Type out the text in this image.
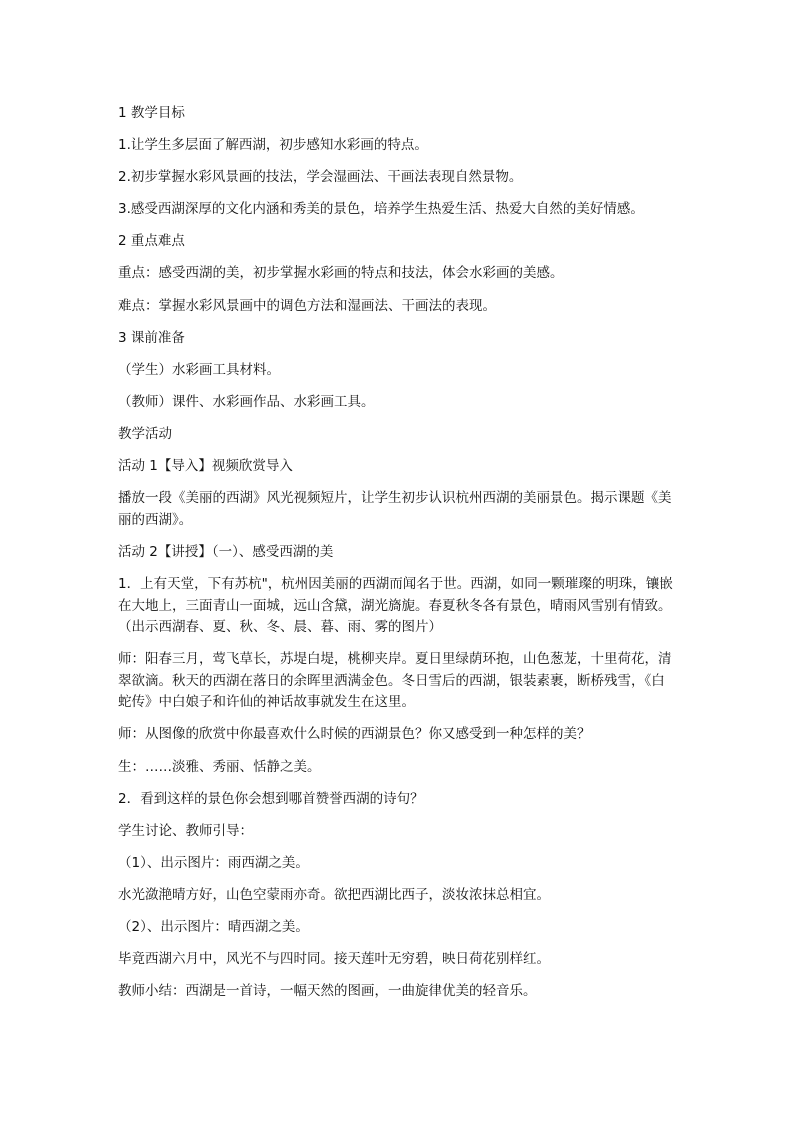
1 教学目标

1.让学生多层面了解西湖，初步感知水彩画的特点。

2.初步掌握水彩风景画的技法，学会湿画法、干画法表现自然景物。

3.感受西湖深厚的文化内涵和秀美的景色，培养学生热爱生活、热爱大自然的美好情感。

2 重点难点

重点：感受西湖的美，初步掌握水彩画的特点和技法，体会水彩画的美感。

难点：掌握水彩风景画中的调色方法和湿画法、干画法的表现。

3 课前准备

（学生）水彩画工具材料。

（教师）课件、水彩画作品、水彩画工具。

教学活动

活动 1【导入】视频欣赏导入

播放一段《美丽的西湖》风光视频短片，让学生初步认识杭州西湖的美丽景色。揭示课题《美丽的西湖》。

活动 2【讲授】（一）、感受西湖的美

1．上有天堂，下有苏杭"，杭州因美丽的西湖而闻名于世。西湖，如同一颗璀璨的明珠，镶嵌在大地上，三面青山一面城，远山含黛，湖光旖旎。春夏秋冬各有景色，晴雨风雪别有情致。（出示西湖春、夏、秋、冬、晨、暮、雨、雾的图片）

师：阳春三月，莺飞草长，苏堤白堤，桃柳夹岸。夏日里绿荫环抱，山色葱茏，十里荷花，清翠欲滴。秋天的西湖在落日的余晖里洒满金色。冬日雪后的西湖，银装素裹，断桥残雪，《白蛇传》中白娘子和许仙的神话故事就发生在这里。

师：从图像的欣赏中你最喜欢什么时候的西湖景色？你又感受到一种怎样的美？

生：……淡雅、秀丽、恬静之美。

2．看到这样的景色你会想到哪首赞誉西湖的诗句？

学生讨论、教师引导：

（1）、出示图片：雨西湖之美。

水光潋滟晴方好，山色空蒙雨亦奇。欲把西湖比西子，淡妆浓抹总相宜。

（2）、出示图片：晴西湖之美。

毕竟西湖六月中，风光不与四时同。接天莲叶无穷碧，映日荷花别样红。

教师小结：西湖是一首诗，一幅天然的图画，一曲旋律优美的轻音乐。
